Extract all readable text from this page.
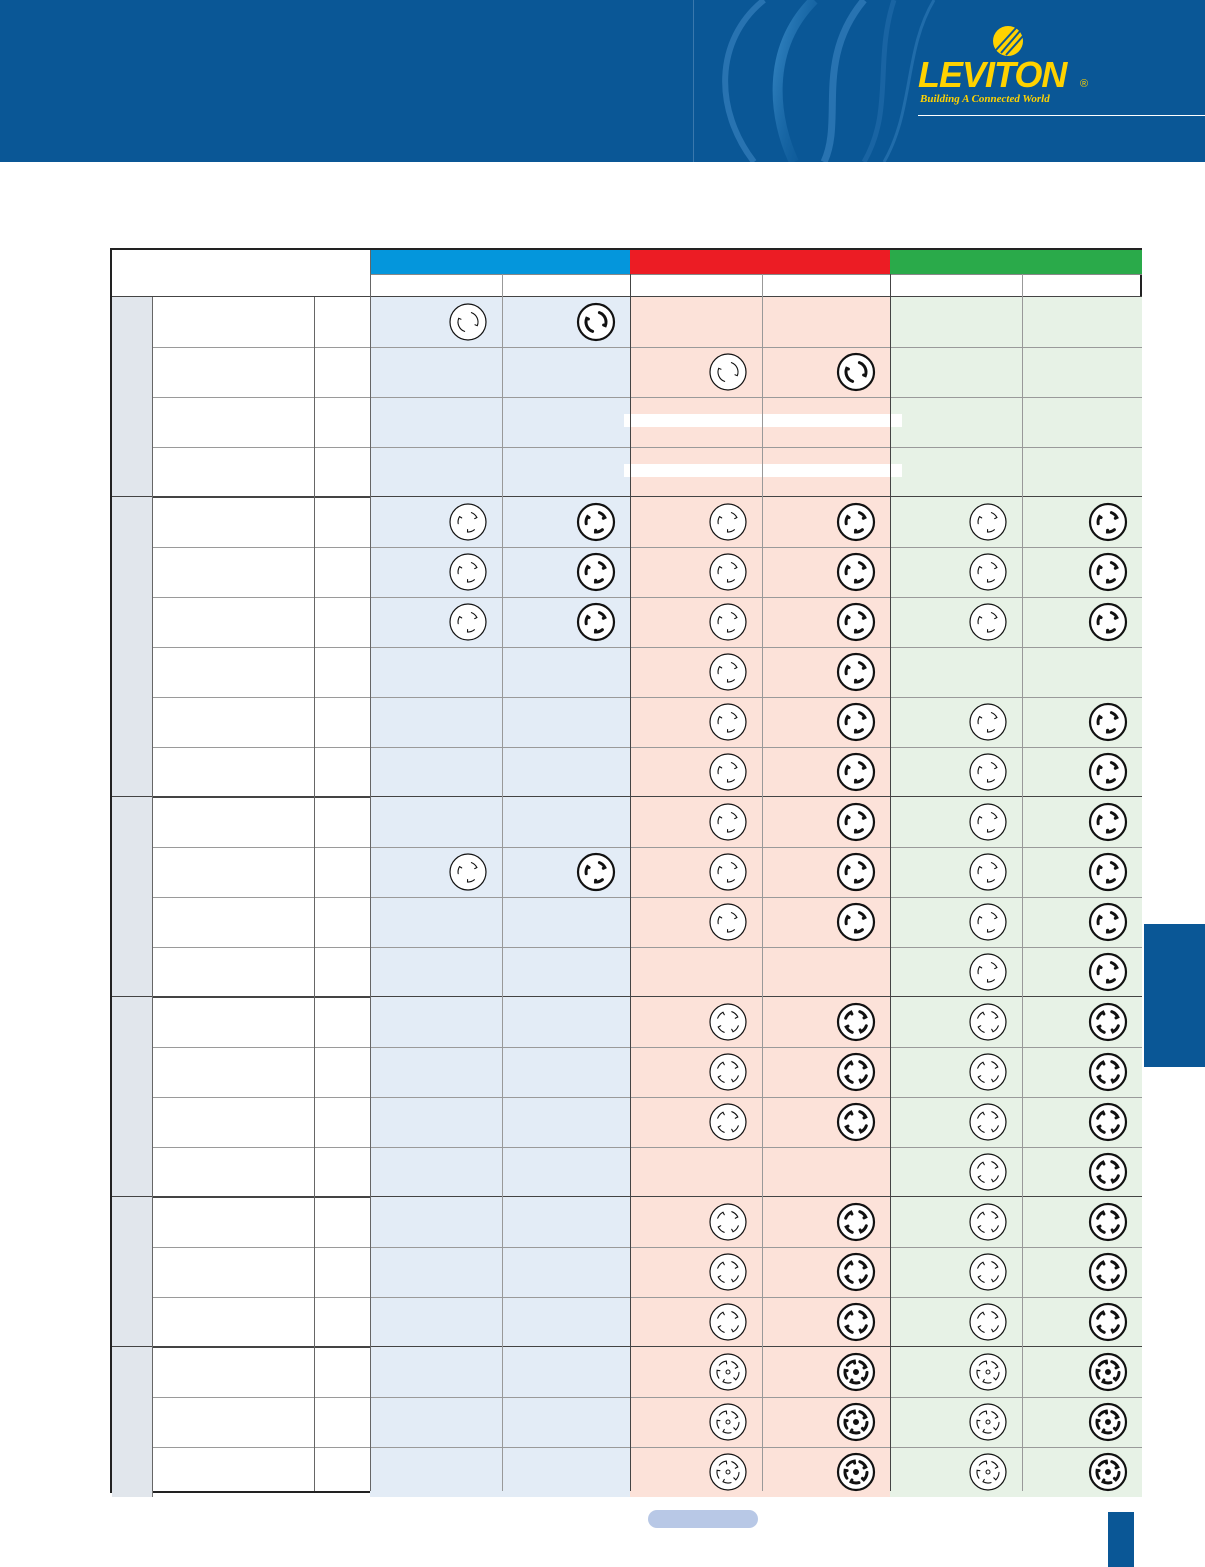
LEVITON ®
Building A Connected World
